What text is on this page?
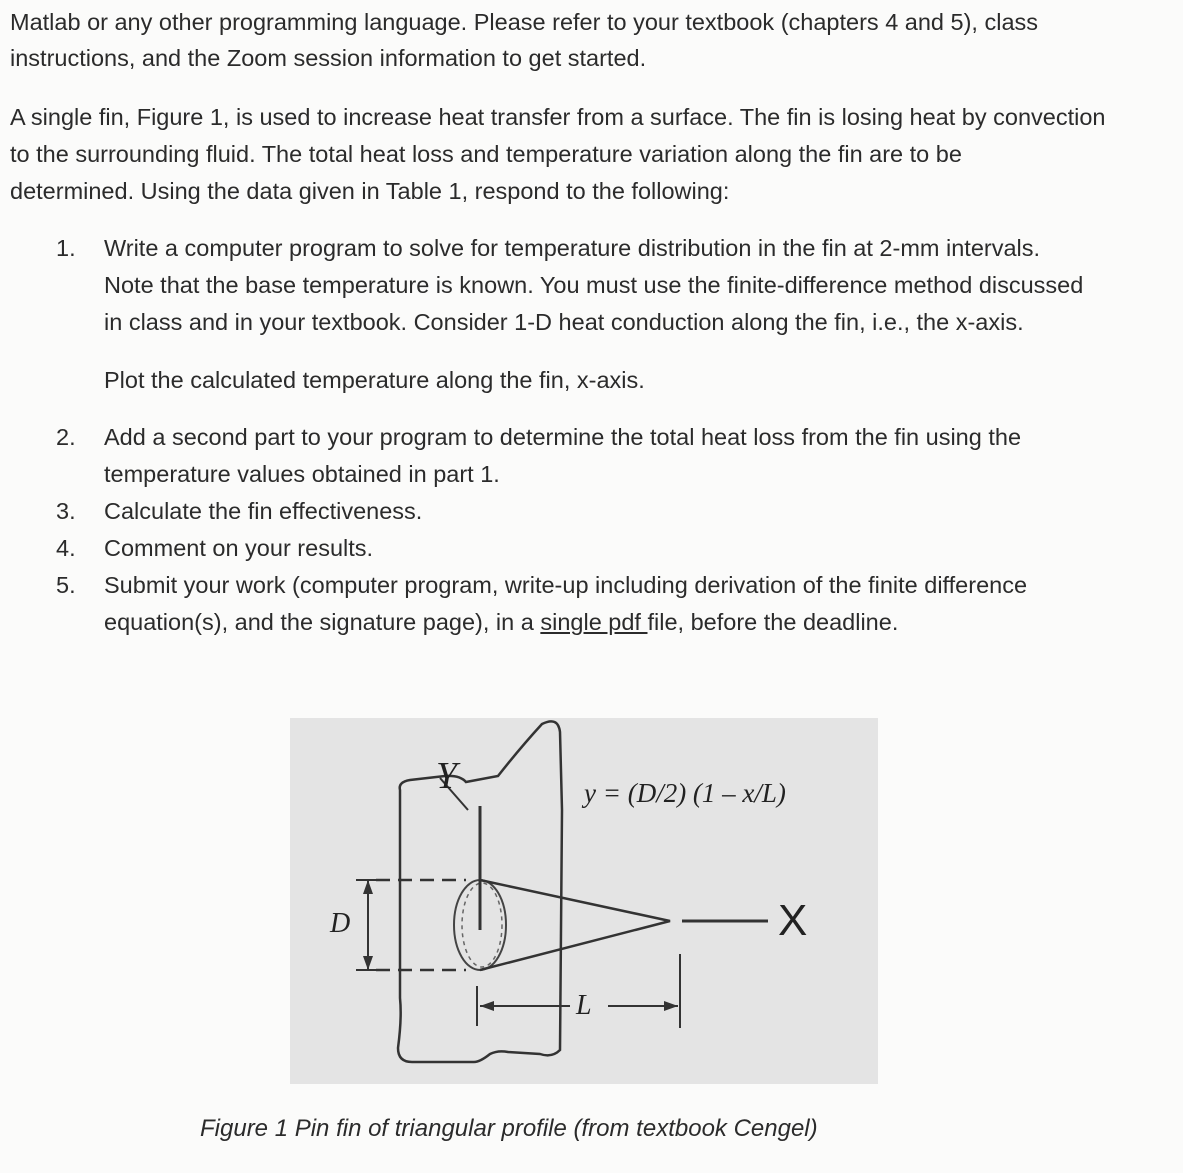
Matlab or any other programming language. Please refer to your textbook (chapters 4 and 5), class
instructions, and the Zoom session information to get started.
A single fin, Figure 1, is used to increase heat transfer from a surface. The fin is losing heat by convection
to the surrounding fluid. The total heat loss and temperature variation along the fin are to be
determined. Using the data given in Table 1, respond to the following:
1. Write a computer program to solve for temperature distribution in the fin at 2-mm intervals.
Note that the base temperature is known. You must use the finite-difference method discussed
in class and in your textbook. Consider 1-D heat conduction along the fin, i.e., the x-axis.
Plot the calculated temperature along the fin, x-axis.
2. Add a second part to your program to determine the total heat loss from the fin using the
temperature values obtained in part 1.
3. Calculate the fin effectiveness.
4. Comment on your results.
5. Submit your work (computer program, write-up including derivation of the finite difference
equation(s), and the signature page), in a single pdf file, before the deadline.
y = (D/2) (1 – x/L)
Y
X
D
L
Figure 1 Pin fin of triangular profile (from textbook Cengel)
